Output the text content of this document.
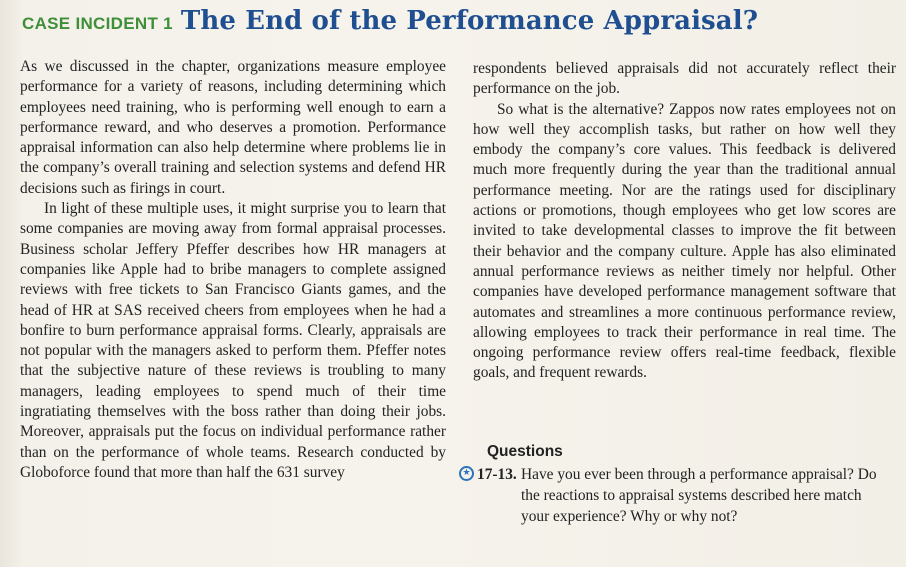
CASE INCIDENT 1 The End of the Performance Appraisal?

As we discussed in the chapter, organizations measure employee performance for a variety of reasons, including determining which employees need training, who is performing well enough to earn a performance reward, and who deserves a promotion. Performance appraisal information can also help determine where problems lie in the company’s overall training and selection systems and defend HR decisions such as firings in court.

In light of these multiple uses, it might surprise you to learn that some companies are moving away from formal appraisal processes. Business scholar Jeffery Pfeffer describes how HR managers at companies like Apple had to bribe managers to complete assigned reviews with free tickets to San Francisco Giants games, and the head of HR at SAS received cheers from employees when he had a bonfire to burn performance appraisal forms. Clearly, appraisals are not popular with the managers asked to perform them. Pfeffer notes that the subjective nature of these reviews is troubling to many managers, leading employees to spend much of their time ingratiating themselves with the boss rather than doing their jobs. Moreover, appraisals put the focus on individual performance rather than on the performance of whole teams. Research conducted by Globoforce found that more than half the 631 survey

respondents believed appraisals did not accurately reflect their performance on the job.

So what is the alternative? Zappos now rates employees not on how well they accomplish tasks, but rather on how well they embody the company’s core values. This feedback is delivered much more frequently during the year than the traditional annual performance meeting. Nor are the ratings used for disciplinary actions or promotions, though employees who get low scores are invited to take developmental classes to improve the fit between their behavior and the company culture. Apple has also eliminated annual performance reviews as neither timely nor helpful. Other companies have developed performance management software that automates and streamlines a more continuous performance review, allowing employees to track their performance in real time. The ongoing performance review offers real-time feedback, flexible goals, and frequent rewards.

Questions
★ 17-13. Have you ever been through a performance appraisal? Do the reactions to appraisal systems described here match your experience? Why or why not?
